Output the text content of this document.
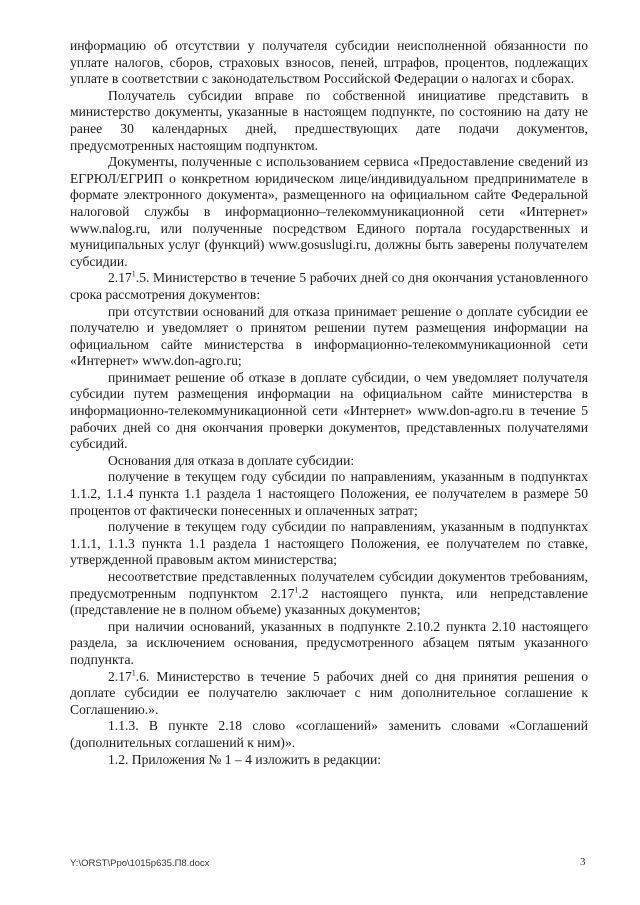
информацию об отсутствии у получателя субсидии неисполненной обязанности по уплате налогов, сборов, страховых взносов, пеней, штрафов, процентов, подлежащих уплате в соответствии с законодательством Российской Федерации о налогах и сборах.

Получатель субсидии вправе по собственной инициативе представить в министерство документы, указанные в настоящем подпункте, по состоянию на дату не ранее 30 календарных дней, предшествующих дате подачи документов, предусмотренных настоящим подпунктом.

Документы, полученные с использованием сервиса «Предоставление сведений из ЕГРЮЛ/ЕГРИП о конкретном юридическом лице/индивидуальном предпринимателе в формате электронного документа», размещенного на официальном сайте Федеральной налоговой службы в информационно–телекоммуникационной сети «Интернет» www.nalog.ru, или полученные посредством Единого портала государственных и муниципальных услуг (функций) www.gosuslugi.ru, должны быть заверены получателем субсидии.

2.17$^1$.5. Министерство в течение 5 рабочих дней со дня окончания установленного срока рассмотрения документов:

при отсутствии оснований для отказа принимает решение о доплате субсидии ее получателю и уведомляет о принятом решении путем размещения информации на официальном сайте министерства в информационно-телекоммуникационной сети «Интернет» www.don-agro.ru;

принимает решение об отказе в доплате субсидии, о чем уведомляет получателя субсидии путем размещения информации на официальном сайте министерства в информационно-телекоммуникационной сети «Интернет» www.don-agro.ru в течение 5 рабочих дней со дня окончания проверки документов, представленных получателями субсидий.

Основания для отказа в доплате субсидии:

получение в текущем году субсидии по направлениям, указанным в подпунктах 1.1.2, 1.1.4 пункта 1.1 раздела 1 настоящего Положения, ее получателем в размере 50 процентов от фактически понесенных и оплаченных затрат;

получение в текущем году субсидии по направлениям, указанным в подпунктах 1.1.1, 1.1.3 пункта 1.1 раздела 1 настоящего Положения, ее получателем по ставке, утвержденной правовым актом министерства;

несоответствие представленных получателем субсидии документов требованиям, предусмотренным подпунктом 2.17$^1$.2 настоящего пункта, или непредставление (представление не в полном объеме) указанных документов;

при наличии оснований, указанных в подпункте 2.10.2 пункта 2.10 настоящего раздела, за исключением основания, предусмотренного абзацем пятым указанного подпункта.

2.17$^1$.6. Министерство в течение 5 рабочих дней со дня принятия решения о доплате субсидии ее получателю заключает с ним дополнительное соглашение к Соглашению.».

1.1.3. В пункте 2.18 слово «соглашений» заменить словами «Соглашений (дополнительных соглашений к ним)».

1.2. Приложения № 1 – 4 изложить в редакции:

Y:\ORST\Ppo\1015p635.П8.docx	3
